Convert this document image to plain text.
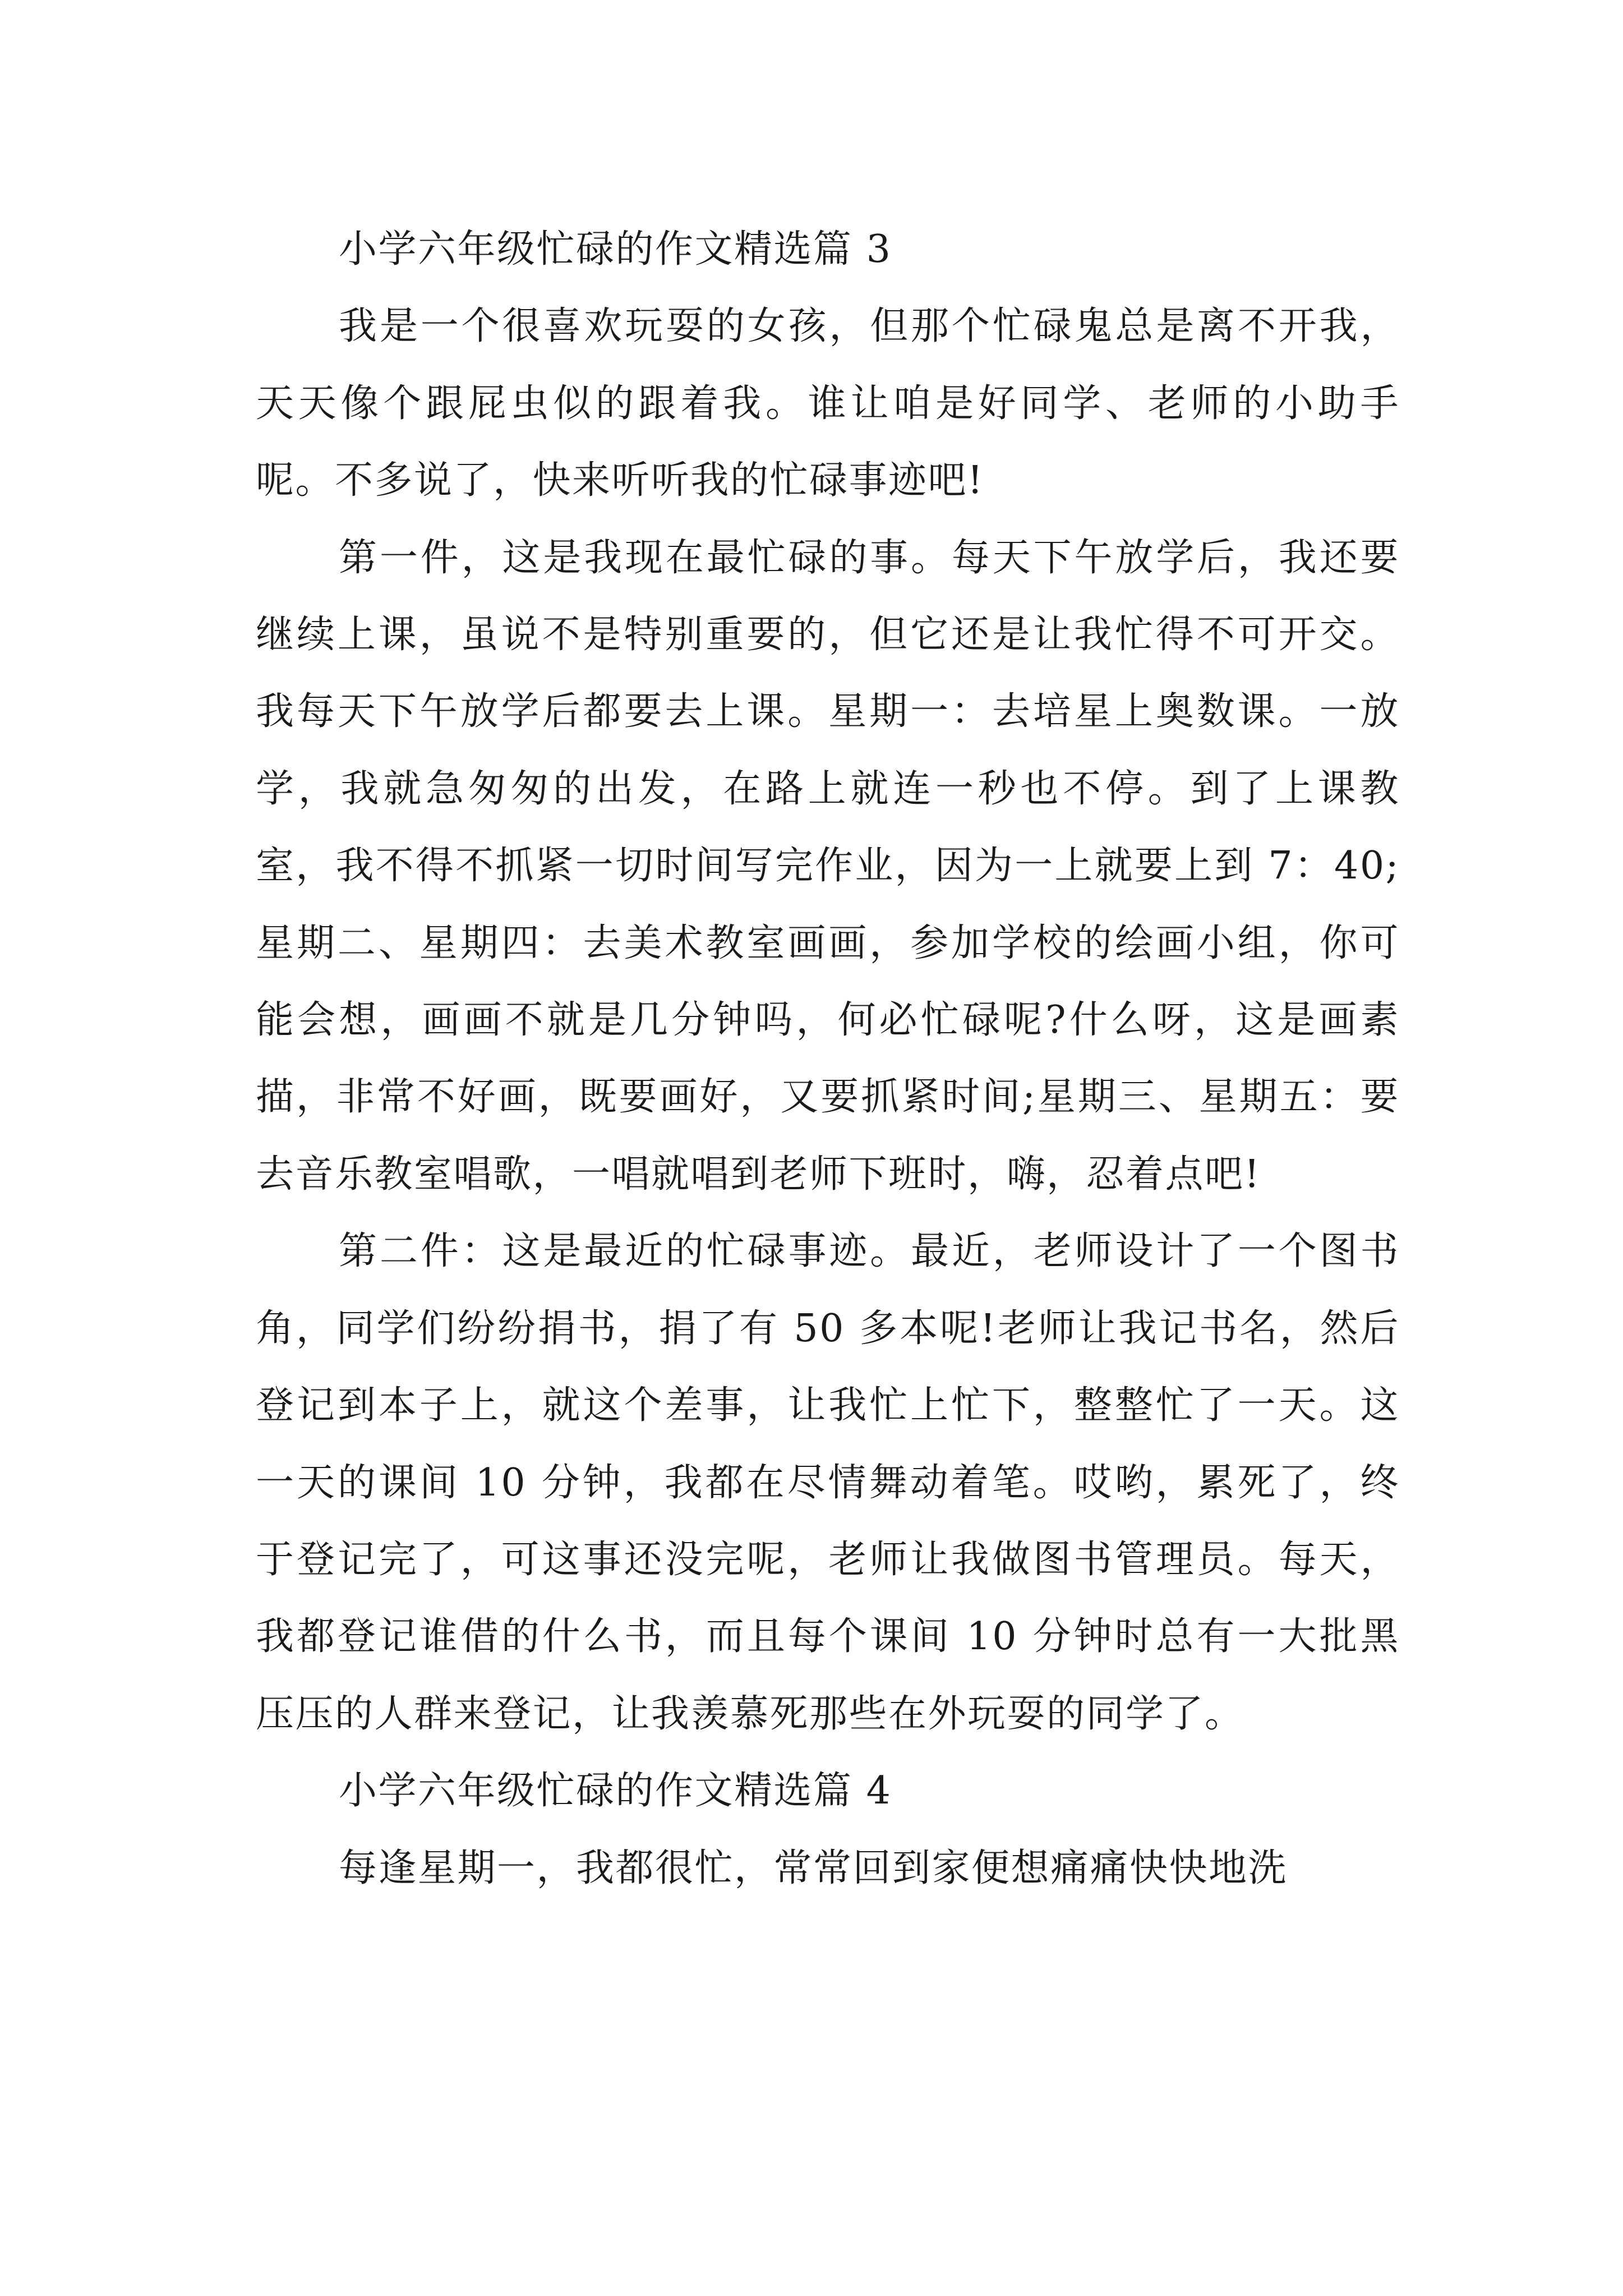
小学六年级忙碌的作文精选篇 3

我是一个很喜欢玩耍的女孩，但那个忙碌鬼总是离不开我，天天像个跟屁虫似的跟着我。谁让咱是好同学、老师的小助手呢。不多说了，快来听听我的忙碌事迹吧!

第一件，这是我现在最忙碌的事。每天下午放学后，我还要继续上课，虽说不是特别重要的，但它还是让我忙得不可开交。我每天下午放学后都要去上课。星期一：去培星上奥数课。一放学，我就急匆匆的出发，在路上就连一秒也不停。到了上课教室，我不得不抓紧一切时间写完作业，因为一上就要上到 7：40;星期二、星期四：去美术教室画画，参加学校的绘画小组，你可能会想，画画不就是几分钟吗，何必忙碌呢?什么呀，这是画素描，非常不好画，既要画好，又要抓紧时间;星期三、星期五：要去音乐教室唱歌，一唱就唱到老师下班时，嗨，忍着点吧!

第二件：这是最近的忙碌事迹。最近，老师设计了一个图书角，同学们纷纷捐书，捐了有 50 多本呢!老师让我记书名，然后登记到本子上，就这个差事，让我忙上忙下，整整忙了一天。这一天的课间 10 分钟，我都在尽情舞动着笔。哎哟，累死了，终于登记完了，可这事还没完呢，老师让我做图书管理员。每天，我都登记谁借的什么书，而且每个课间 10 分钟时总有一大批黑压压的人群来登记，让我羡慕死那些在外玩耍的同学了。

小学六年级忙碌的作文精选篇 4

每逢星期一，我都很忙，常常回到家便想痛痛快快地洗
